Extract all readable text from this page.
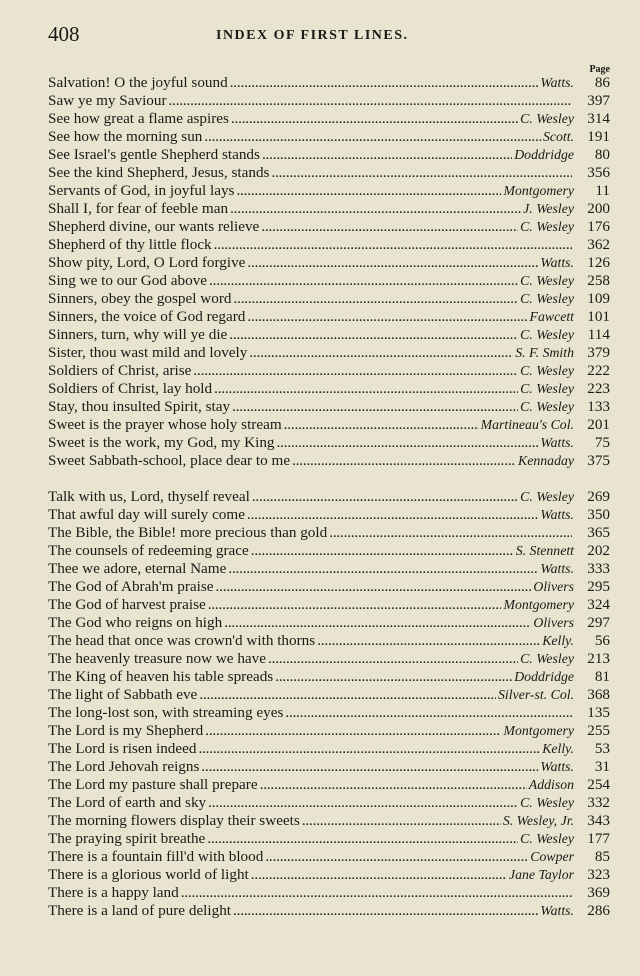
408	INDEX OF FIRST LINES.
Page
Salvation! O the joyful sound . . .	Watts.	86
Saw ye my Saviour . . .	397
See how great a flame aspires . . .	C. Wesley 314
See how the morning sun . . .	Scott. 191
See Israel's gentle Shepherd stands . . .	Doddridge	80
See the kind Shepherd, Jesus, stands . . .	356
Servants of God, in joyful lays . . .	Montgomery	11
Shall I, for fear of feeble man . . .	J. Wesley 200
Shepherd divine, our wants relieve . . .	C. Wesley 176
Shepherd of thy little flock . . .	362
Show pity, Lord, O Lord forgive . . .	Watts. 126
Sing we to our God above . . .	C. Wesley 258
Sinners, obey the gospel word . . .	C. Wesley 109
Sinners, the voice of God regard . . .	Fawcett 101
Sinners, turn, why will ye die . . .	C. Wesley 114
Sister, thou wast mild and lovely . . .	S. F. Smith 379
Soldiers of Christ, arise . . .	C. Wesley 222
Soldiers of Christ, lay hold . . .	C. Wesley 223
Stay, thou insulted Spirit, stay . . .	C. Wesley 133
Sweet is the prayer whose holy stream . . .	Martineau's Col. 201
Sweet is the work, my God, my King . . .	Watts.	75
Sweet Sabbath-school, place dear to me . . .	Kennaday 375
Talk with us, Lord, thyself reveal . . .	C. Wesley 269
That awful day will surely come . . .	Watts. 350
The Bible, the Bible! more precious than gold . . .	365
The counsels of redeeming grace . . .	S. Stennett 202
Thee we adore, eternal Name . . .	Watts. 333
The God of Abrah'm praise . . .	Olivers 295
The God of harvest praise . . .	Montgomery 324
The God who reigns on high . . .	Olivers 297
The head that once was crown'd with thorns . . .	Kelly.	56
The heavenly treasure now we have . . .	C. Wesley 213
The King of heaven his table spreads . . .	Doddridge	81
The light of Sabbath eve . . .	Silver-st. Col. 368
The long-lost son, with streaming eyes . . .	135
The Lord is my Shepherd . . .	Montgomery 255
The Lord is risen indeed . . .	Kelly.	53
The Lord Jehovah reigns . . .	Watts.	31
The Lord my pasture shall prepare . . .	Addison 254
The Lord of earth and sky . . .	C. Wesley 332
The morning flowers display their sweets . . .	S. Wesley, Jr. 343
The praying spirit breathe . . .	C. Wesley 177
There is a fountain fill'd with blood . . .	Cowper	85
There is a glorious world of light . . .	Jane Taylor 323
There is a happy land . . .	369
There is a land of pure delight . . .	Watts. 286
